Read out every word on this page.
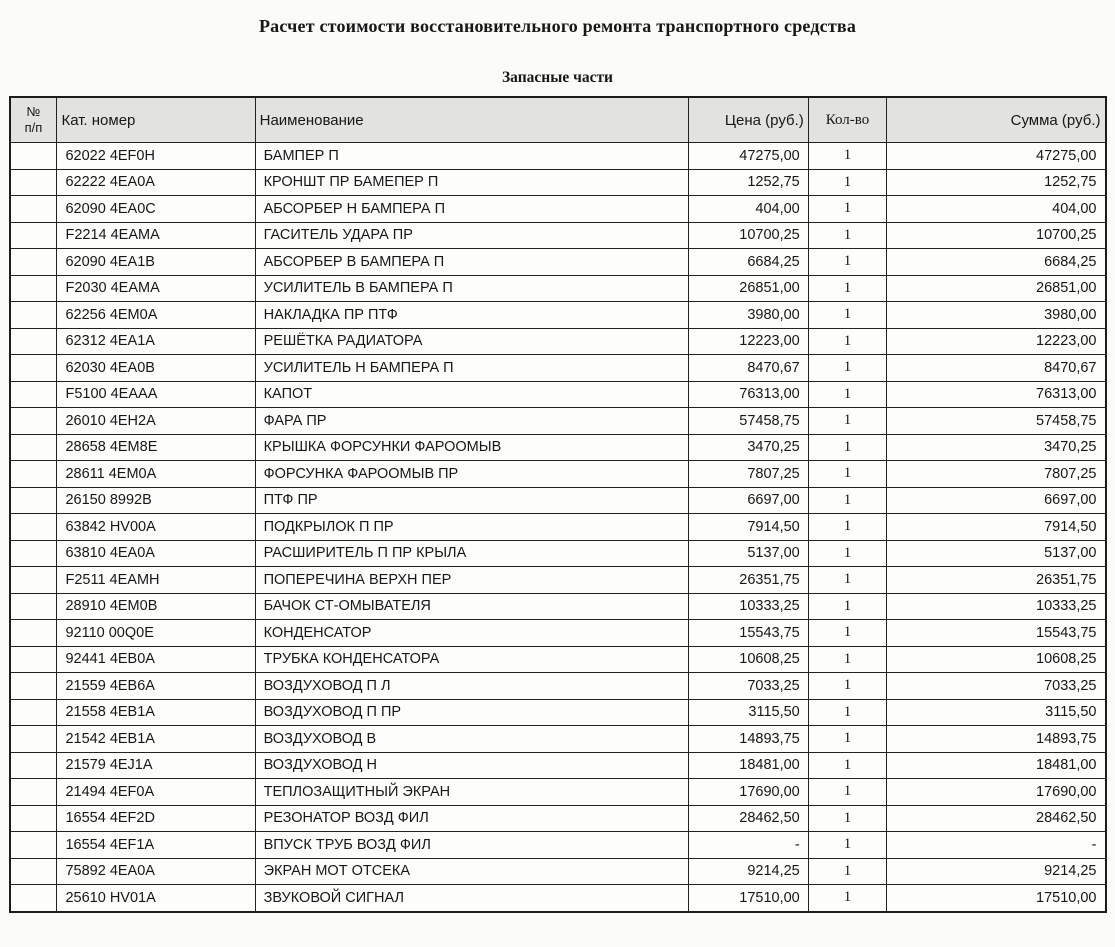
Расчет стоимости восстановительного ремонта транспортного средства
Запасные части
№
п/п	Кат. номер	Наименование	Цена (руб.)	Кол-во	Сумма (руб.)
	62022 4EF0H	БАМПЕР П	47275,00	1	47275,00
	62222 4EA0A	КРОНШТ ПР БАМЕПЕР П	1252,75	1	1252,75
	62090 4EA0C	АБСОРБЕР Н БАМПЕРА П	404,00	1	404,00
	F2214 4EAMA	ГАСИТЕЛЬ УДАРА ПР	10700,25	1	10700,25
	62090 4EA1B	АБСОРБЕР В БАМПЕРА П	6684,25	1	6684,25
	F2030 4EAMA	УСИЛИТЕЛЬ В БАМПЕРА П	26851,00	1	26851,00
	62256 4EM0A	НАКЛАДКА ПР ПТФ	3980,00	1	3980,00
	62312 4EA1A	РЕШЁТКА РАДИАТОРА	12223,00	1	12223,00
	62030 4EA0B	УСИЛИТЕЛЬ Н БАМПЕРА П	8470,67	1	8470,67
	F5100 4EAAA	КАПОТ	76313,00	1	76313,00
	26010 4EH2A	ФАРА ПР	57458,75	1	57458,75
	28658 4EM8E	КРЫШКА ФОРСУНКИ ФАРООМЫВ	3470,25	1	3470,25
	28611 4EM0A	ФОРСУНКА ФАРООМЫВ ПР	7807,25	1	7807,25
	26150 8992B	ПТФ ПР	6697,00	1	6697,00
	63842 HV00A	ПОДКРЫЛОК П ПР	7914,50	1	7914,50
	63810 4EA0A	РАСШИРИТЕЛЬ П ПР КРЫЛА	5137,00	1	5137,00
	F2511 4EAMH	ПОПЕРЕЧИНА ВЕРХН ПЕР	26351,75	1	26351,75
	28910 4EM0B	БАЧОК СТ-ОМЫВАТЕЛЯ	10333,25	1	10333,25
	92110 00Q0E	КОНДЕНСАТОР	15543,75	1	15543,75
	92441 4EB0A	ТРУБКА КОНДЕНСАТОРА	10608,25	1	10608,25
	21559 4EB6A	ВОЗДУХОВОД П Л	7033,25	1	7033,25
	21558 4EB1A	ВОЗДУХОВОД П ПР	3115,50	1	3115,50
	21542 4EB1A	ВОЗДУХОВОД В	14893,75	1	14893,75
	21579 4EJ1A	ВОЗДУХОВОД Н	18481,00	1	18481,00
	21494 4EF0A	ТЕПЛОЗАЩИТНЫЙ ЭКРАН	17690,00	1	17690,00
	16554 4EF2D	РЕЗОНАТОР ВОЗД ФИЛ	28462,50	1	28462,50
	16554 4EF1A	ВПУСК ТРУБ ВОЗД ФИЛ	-	1	-
	75892 4EA0A	ЭКРАН МОТ ОТСЕКА	9214,25	1	9214,25
	25610 HV01A	ЗВУКОВОЙ СИГНАЛ	17510,00	1	17510,00
